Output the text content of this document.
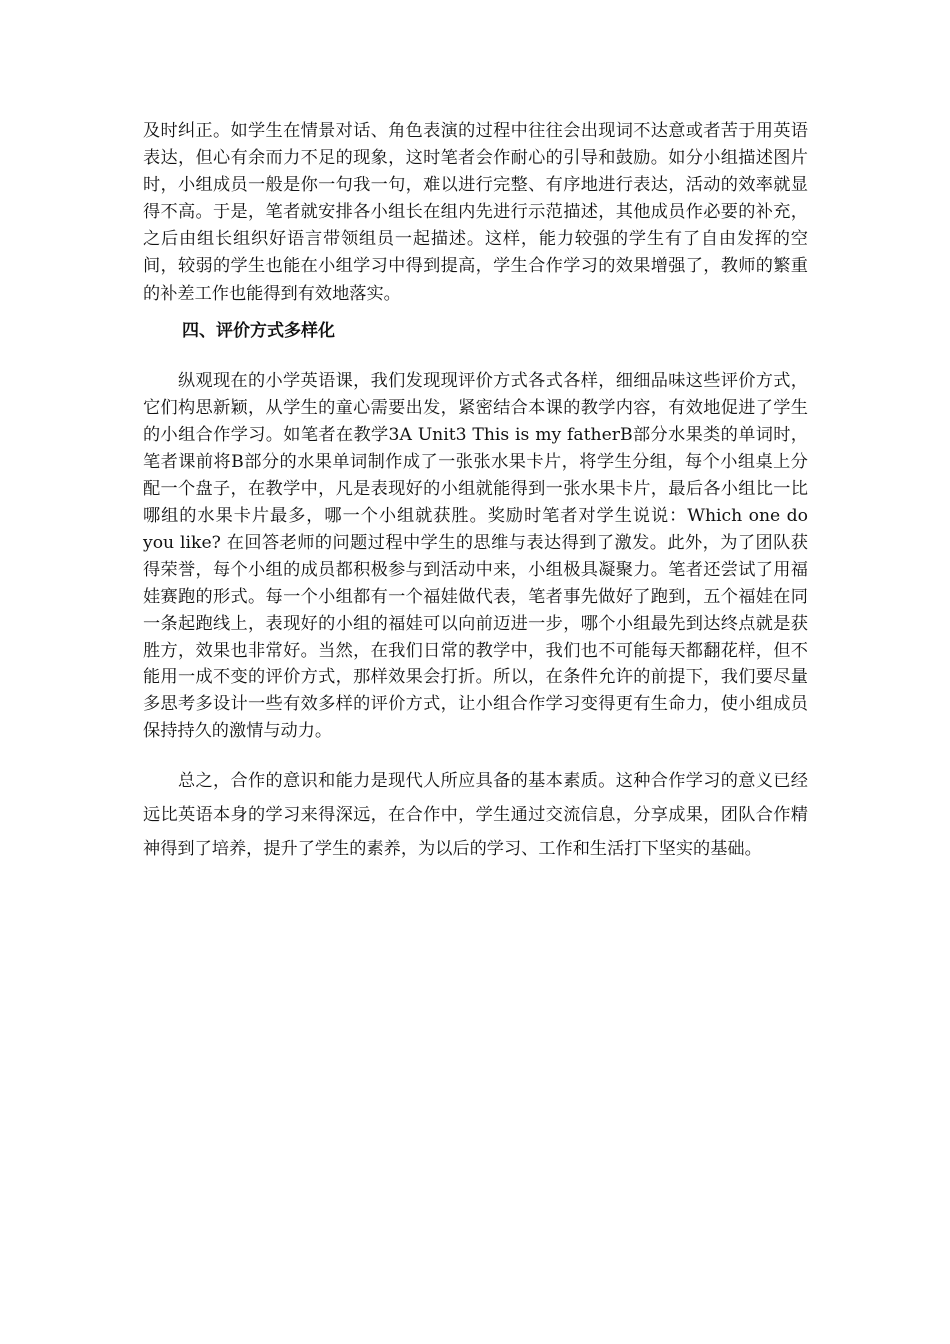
及时纠正。如学生在情景对话、角色表演的过程中往往会出现词不达意或者苦于用英语表达，但心有余而力不足的现象，这时笔者会作耐心的引导和鼓励。如分小组描述图片时，小组成员一般是你一句我一句，难以进行完整、有序地进行表达，活动的效率就显得不高。于是，笔者就安排各小组长在组内先进行示范描述，其他成员作必要的补充，之后由组长组织好语言带领组员一起描述。这样，能力较强的学生有了自由发挥的空间，较弱的学生也能在小组学习中得到提高，学生合作学习的效果增强了，教师的繁重的补差工作也能得到有效地落实。

四、评价方式多样化

纵观现在的小学英语课，我们发现现评价方式各式各样，细细品味这些评价方式，它们构思新颖，从学生的童心需要出发，紧密结合本课的教学内容，有效地促进了学生的小组合作学习。如笔者在教学3A Unit3 This is my fatherB部分水果类的单词时，笔者课前将B部分的水果单词制作成了一张张水果卡片，将学生分组，每个小组桌上分配一个盘子，在教学中，凡是表现好的小组就能得到一张水果卡片，最后各小组比一比哪组的水果卡片最多，哪一个小组就获胜。奖励时笔者对学生说说：Which one do you like? 在回答老师的问题过程中学生的思维与表达得到了激发。此外，为了团队获得荣誉，每个小组的成员都积极参与到活动中来，小组极具凝聚力。笔者还尝试了用福娃赛跑的形式。每一个小组都有一个福娃做代表，笔者事先做好了跑到，五个福娃在同一条起跑线上，表现好的小组的福娃可以向前迈进一步，哪个小组最先到达终点就是获胜方，效果也非常好。当然，在我们日常的教学中，我们也不可能每天都翻花样，但不能用一成不变的评价方式，那样效果会打折。所以，在条件允许的前提下，我们要尽量多思考多设计一些有效多样的评价方式，让小组合作学习变得更有生命力，使小组成员保持持久的激情与动力。

总之，合作的意识和能力是现代人所应具备的基本素质。这种合作学习的意义已经远比英语本身的学习来得深远，在合作中，学生通过交流信息，分享成果，团队合作精神得到了培养，提升了学生的素养，为以后的学习、工作和生活打下坚实的基础。
